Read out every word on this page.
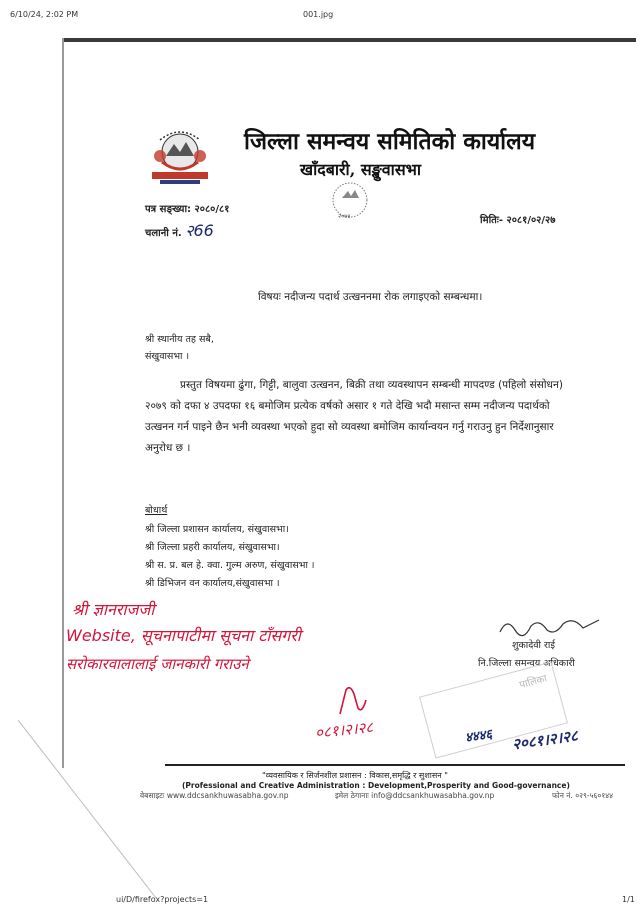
6/10/24, 2:02 PM	001.jpg
जिल्ला समन्वय समितिको कार्यालय
खाँदबारी, सङ्खुवासभा
२०७४
पत्र सङ्ख्या: २०८०/८१
चलानी नं. २66
मितिः- २०८१/०२/२७
विषयः नदीजन्य पदार्थ उत्खननमा रोक लगाइएको सम्बन्धमा।
श्री स्थानीय तह सबै,
संखुवासभा ।
प्रस्तुत विषयमा ढुंगा, गिट्टी, बालुवा उत्खनन, बिक्री तथा व्यवस्थापन सम्बन्धी मापदण्ड (पहिलो संसोधन)
२०७९ को दफा ४ उपदफा १६ बमोजिम प्रत्येक वर्षको असार १ गते देखि भदौ मसान्त सम्म नदीजन्य पदार्थको
उत्खनन गर्न पाइने छैन भनी व्यवस्था भएको हुदा सो व्यवस्था बमोजिम कार्यान्वयन गर्नु गराउनु हुन निर्देशानुसार
अनुरोध छ ।
बोधार्थ
श्री जिल्ला प्रशासन कार्यालय, संखुवासभा।
श्री जिल्ला प्रहरी कार्यालय, संखुवासभा।
श्री स. प्र. बल हे. क्वा. गुल्म अरुण, संखुवासभा ।
श्री डिभिजन वन कार्यालय,संखुवासभा ।
शुकादेवी राई
नि.जिल्ला समन्वय अधिकारी
श्री ज्ञानराजजी
Website, सूचनापाटीमा सूचना टाँसगरी
सरोकारवालालाई जानकारी गराउने
०८१।२।२८
पालिका
४४४६ २०८१।२।२८
"व्यवसायिक र सिर्जनशील प्रशासन : विकास,समृद्धि र सुशासन "
(Professional and Creative Administration : Development,Prosperity and Good-governance)
वेबसाइटः www.ddcsankhuwasabha.gov.np	इमेल ठेगानाः info@ddcsankhuwasabha.gov.np	फोन नं. ०२९-५६०१४४
ui/D/firefox?projects=1	1/1
